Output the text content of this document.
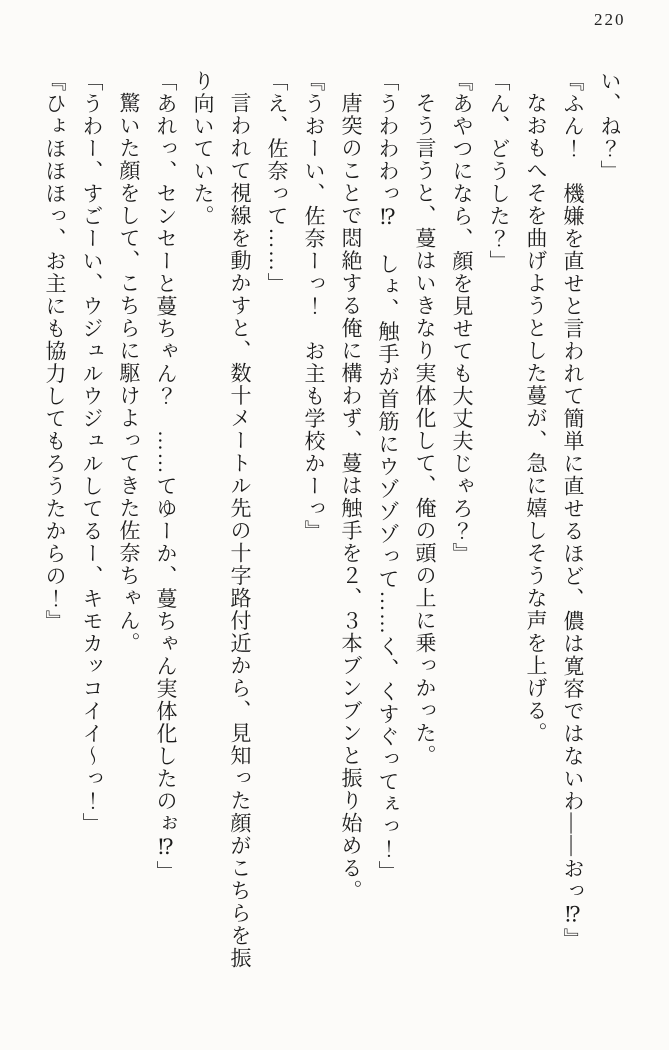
220

い、ね？」

『ふん！　機嫌を直せと言われて簡単に直せるほど、儂は寛容ではないわ――おっ⁉』

なおもへそを曲げようとした蔓が、急に嬉しそうな声を上げる。

「ん、どうした？」

『あやつになら、顔を見せても大丈夫じゃろ？』

そう言うと、蔓はいきなり実体化して、俺の頭の上に乗っかった。

「うわわわっ⁉　しょ、触手が首筋にウゾゾゾって……く、くすぐってぇっ！」

唐突のことで悶絶する俺に構わず、蔓は触手を２、３本ブンブンと振り始める。

『うおーい、佐奈ーっ！　お主も学校かーっ』

「え、佐奈って……」

言われて視線を動かすと、数十メートル先の十字路付近から、見知った顔がこちらを振

り向いていた。

「あれっ、センセーと蔓ちゃん？　……てゆーか、蔓ちゃん実体化したのぉ⁉」

驚いた顔をして、こちらに駆けよってきた佐奈ちゃん。

「うわー、すごーい、ウジュルウジュルしてるー、キモカッコイイ～っ！」

『ひょほほほっ、お主にも協力してもろうたからの！』
